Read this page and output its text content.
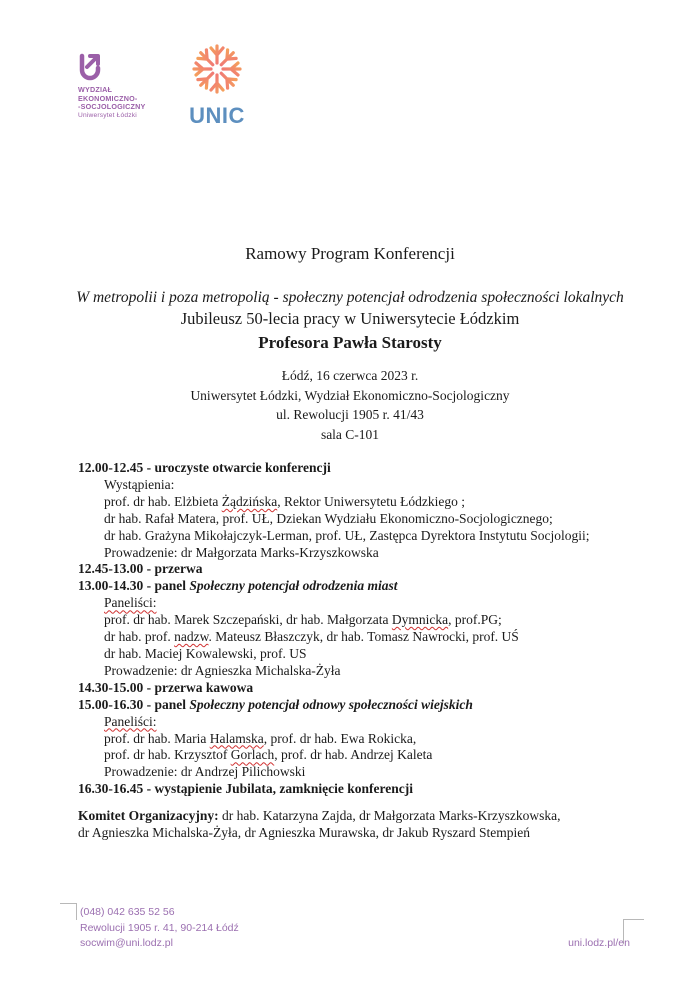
WYDZIAŁ
EKONOMICZNO-
-SOCJOLOGICZNY
Uniwersytet Łódzki	UNIC
Ramowy Program Konferencji
W metropolii i poza metropolią - społeczny potencjał odrodzenia społeczności lokalnych
Jubileusz 50-lecia pracy w Uniwersytecie Łódzkim
Profesora Pawła Starosty
Łódź, 16 czerwca 2023 r.
Uniwersytet Łódzki, Wydział Ekonomiczno-Socjologiczny
ul. Rewolucji 1905 r. 41/43
sala C-101
12.00-12.45 - uroczyste otwarcie konferencji
Wystąpienia:
prof. dr hab. Elżbieta Żądzińska, Rektor Uniwersytetu Łódzkiego ;
dr hab. Rafał Matera, prof. UŁ, Dziekan Wydziału Ekonomiczno-Socjologicznego;
dr hab. Grażyna Mikołajczyk-Lerman, prof. UŁ, Zastępca Dyrektora Instytutu Socjologii;
Prowadzenie: dr Małgorzata Marks-Krzyszkowska
12.45-13.00 - przerwa
13.00-14.30 - panel Społeczny potencjał odrodzenia miast
Paneliści:
prof. dr hab. Marek Szczepański, dr hab. Małgorzata Dymnicka, prof.PG;
dr hab. prof. nadzw. Mateusz Błaszczyk, dr hab. Tomasz Nawrocki, prof. UŚ
dr hab. Maciej Kowalewski, prof. US
Prowadzenie: dr Agnieszka Michalska-Żyła
14.30-15.00 - przerwa kawowa
15.00-16.30 - panel Społeczny potencjał odnowy społeczności wiejskich
Paneliści:
prof. dr hab. Maria Halamska, prof. dr hab. Ewa Rokicka,
prof. dr hab. Krzysztof Gorlach, prof. dr hab. Andrzej Kaleta
Prowadzenie: dr Andrzej Pilichowski
16.30-16.45 - wystąpienie Jubilata, zamknięcie konferencji
Komitet Organizacyjny: dr hab. Katarzyna Zajda, dr Małgorzata Marks-Krzyszkowska,
dr Agnieszka Michalska-Żyła, dr Agnieszka Murawska, dr Jakub Ryszard Stempień
(048) 042 635 52 56
Rewolucji 1905 r. 41, 90-214 Łódź
socwim@uni.lodz.pl	uni.lodz.pl/en
